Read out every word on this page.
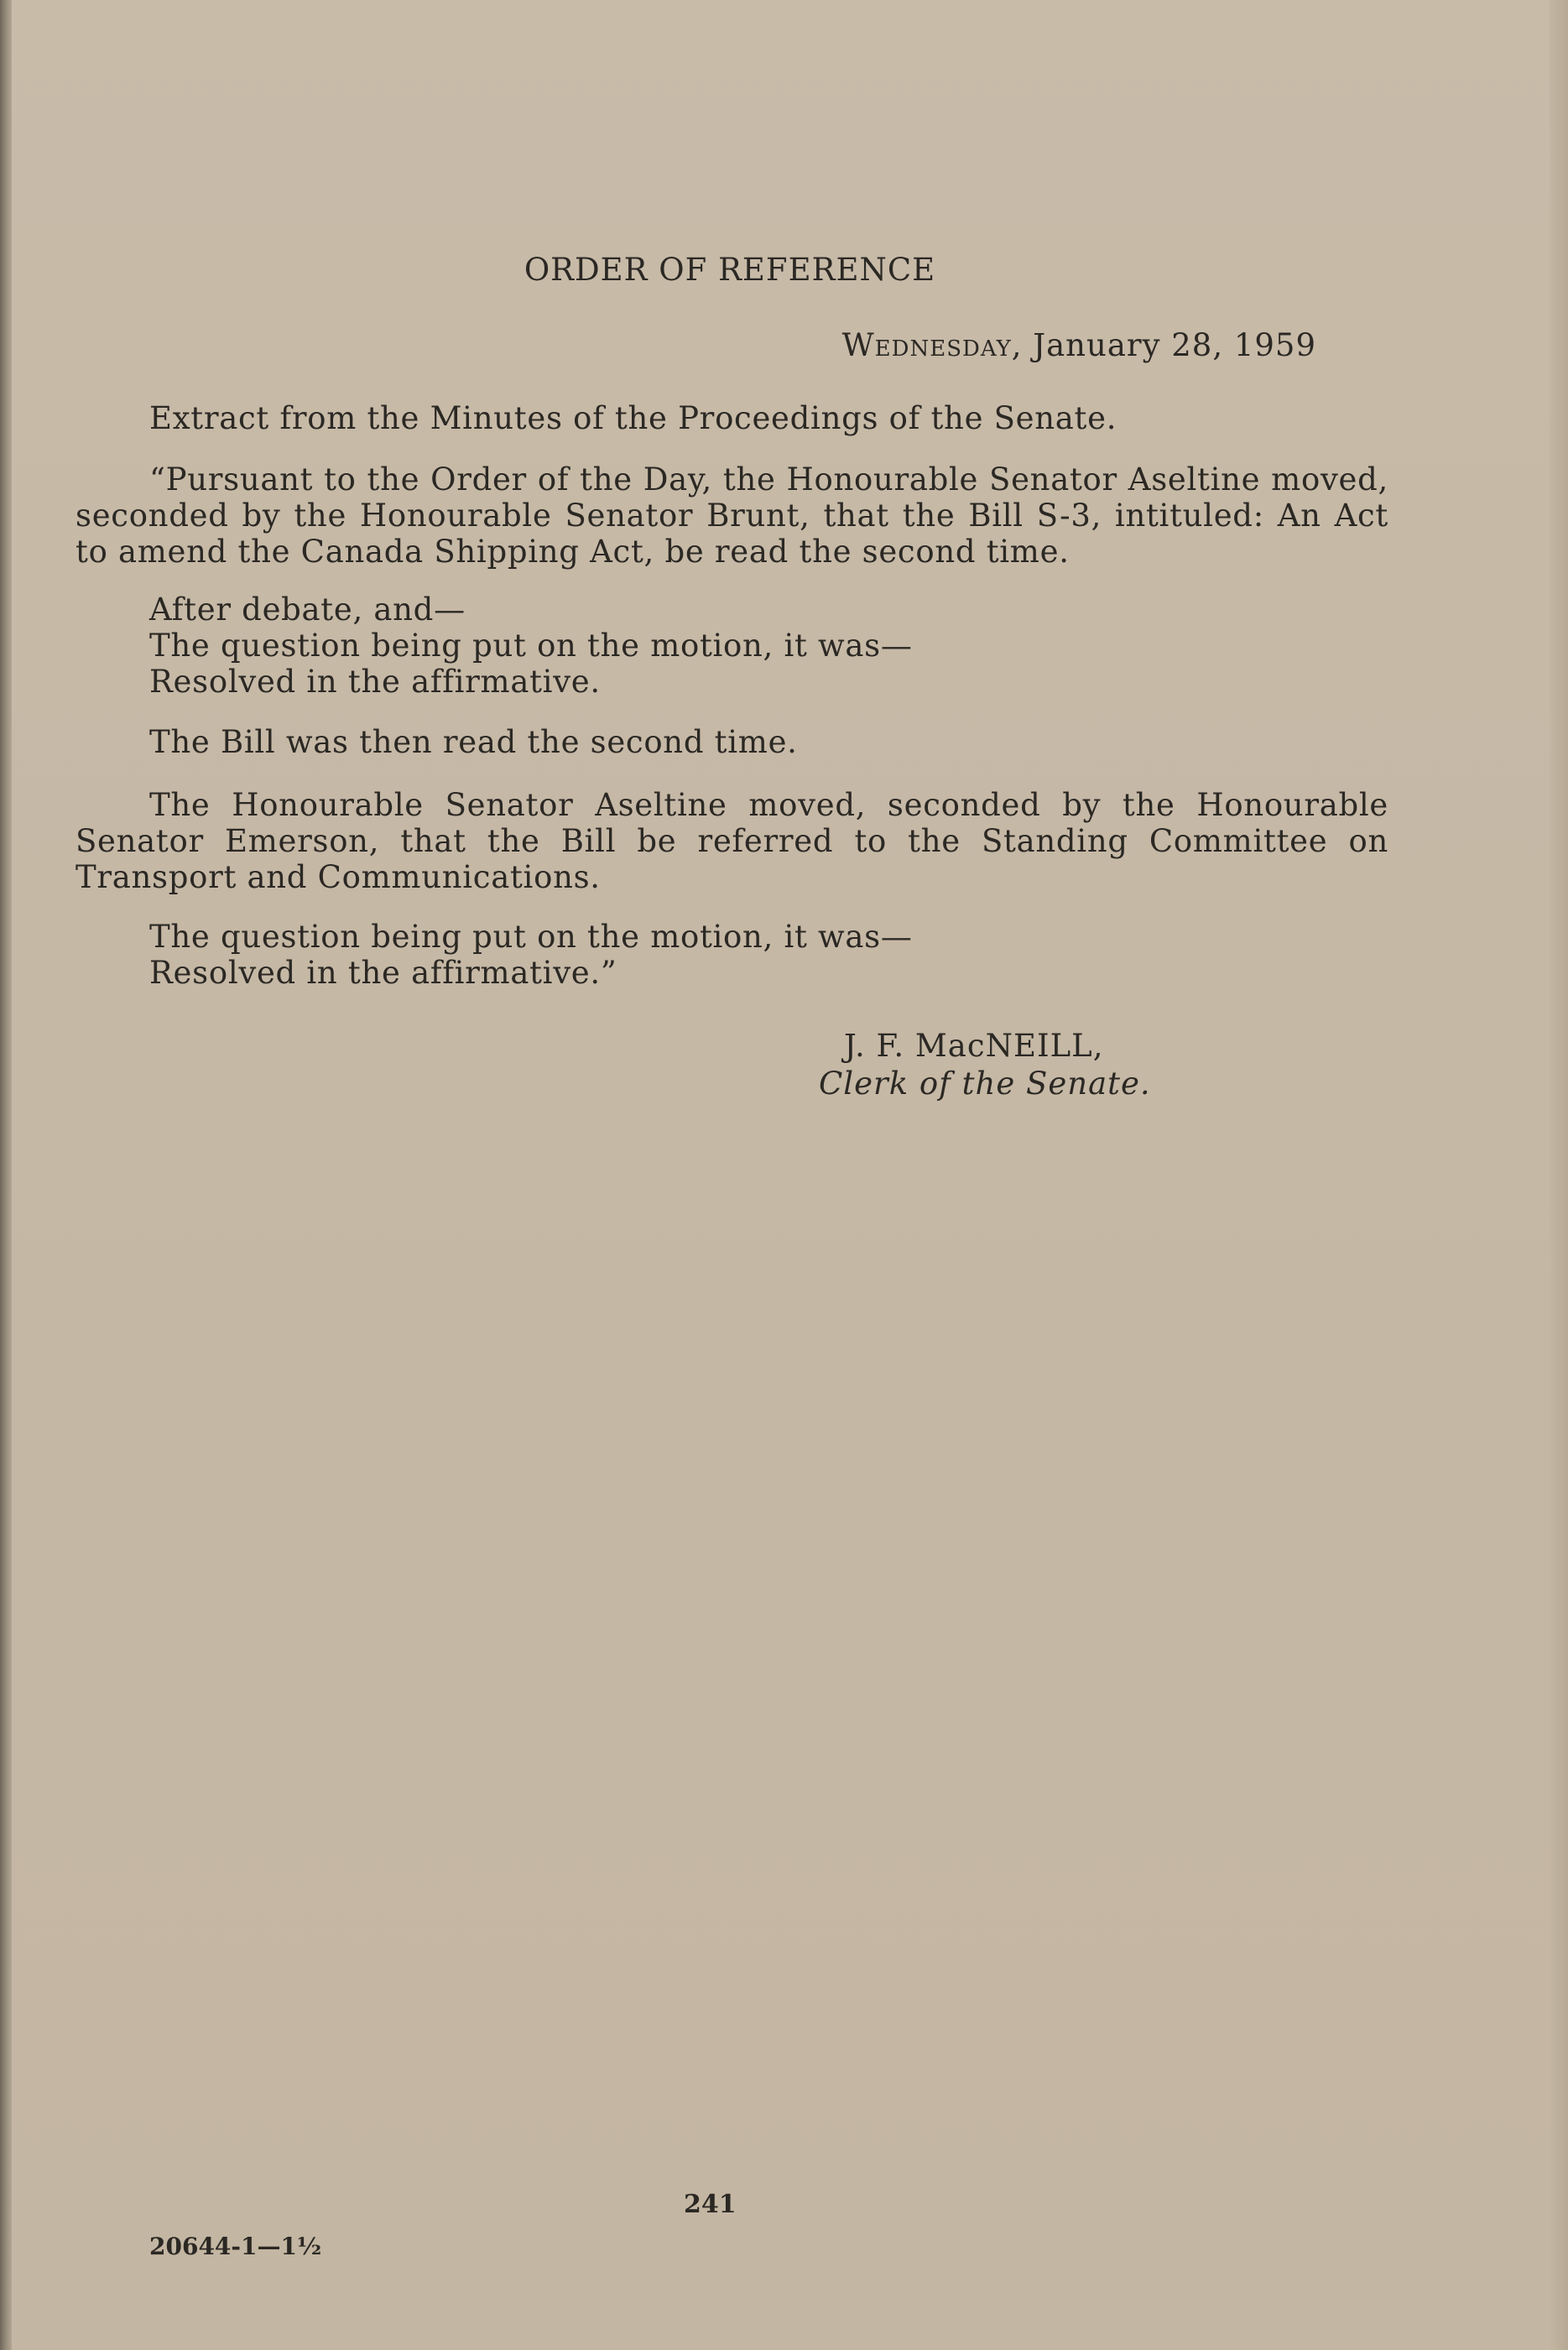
ORDER OF REFERENCE
Wednesday, January 28, 1959

Extract from the Minutes of the Proceedings of the Senate.

“Pursuant to the Order of the Day, the Honourable Senator Aseltine moved, seconded by the Honourable Senator Brunt, that the Bill S-3, intituled: An Act to amend the Canada Shipping Act, be read the second time.

After debate, and—
The question being put on the motion, it was—
Resolved in the affirmative.

The Bill was then read the second time.

The Honourable Senator Aseltine moved, seconded by the Honourable Senator Emerson, that the Bill be referred to the Standing Committee on Transport and Communications.

The question being put on the motion, it was—
Resolved in the affirmative.”
J. F. MacNEILL,
Clerk of the Senate.
241
20644-1—1½
